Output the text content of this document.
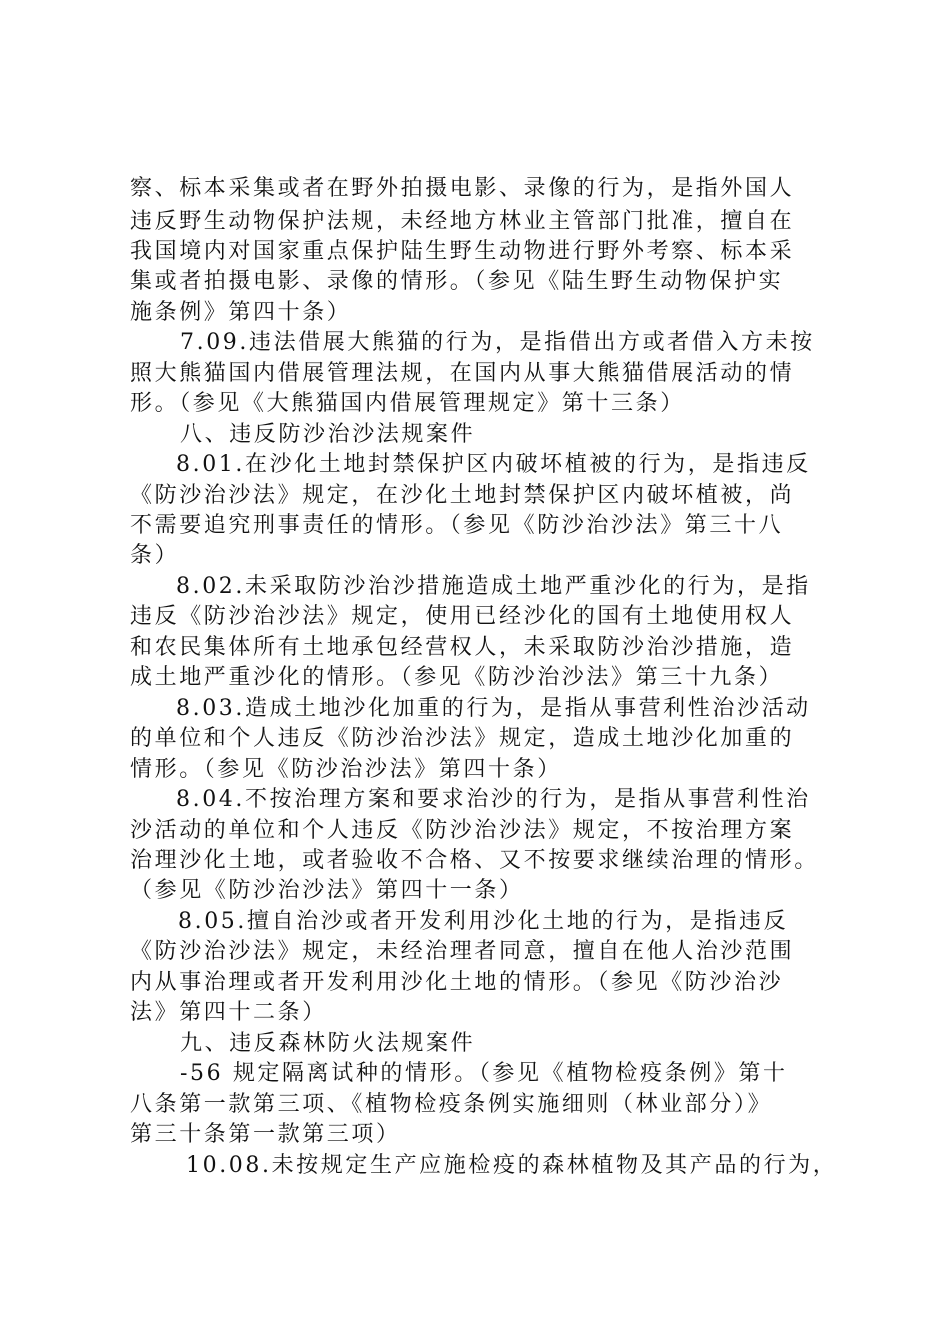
察、标本采集或者在野外拍摄电影、录像的行为，是指外国人
违反野生动物保护法规，未经地方林业主管部门批准，擅自在
我国境内对国家重点保护陆生野生动物进行野外考察、标本采
集或者拍摄电影、录像的情形。（参见《陆生野生动物保护实
施条例》第四十条）
7.09.违法借展大熊猫的行为，是指借出方或者借入方未按
照大熊猫国内借展管理法规，在国内从事大熊猫借展活动的情
形。（参见《大熊猫国内借展管理规定》第十三条）
八、违反防沙治沙法规案件
8.01.在沙化土地封禁保护区内破坏植被的行为，是指违反
《防沙治沙法》规定，在沙化土地封禁保护区内破坏植被，尚
不需要追究刑事责任的情形。（参见《防沙治沙法》第三十八
条）
8.02.未采取防沙治沙措施造成土地严重沙化的行为，是指
违反《防沙治沙法》规定，使用已经沙化的国有土地使用权人
和农民集体所有土地承包经营权人，未采取防沙治沙措施，造
成土地严重沙化的情形。（参见《防沙治沙法》第三十九条）
8.03.造成土地沙化加重的行为，是指从事营利性治沙活动
的单位和个人违反《防沙治沙法》规定，造成土地沙化加重的
情形。（参见《防沙治沙法》第四十条）
8.04.不按治理方案和要求治沙的行为，是指从事营利性治
沙活动的单位和个人违反《防沙治沙法》规定，不按治理方案
治理沙化土地，或者验收不合格、又不按要求继续治理的情形。
（参见《防沙治沙法》第四十一条）
8.05.擅自治沙或者开发利用沙化土地的行为，是指违反
《防沙治沙法》规定，未经治理者同意，擅自在他人治沙范围
内从事治理或者开发利用沙化土地的情形。（参见《防沙治沙
法》第四十二条）
九、违反森林防火法规案件
-56 规定隔离试种的情形。（参见《植物检疫条例》第十
八条第一款第三项、《植物检疫条例实施细则（林业部分）》
第三十条第一款第三项）
10.08.未按规定生产应施检疫的森林植物及其产品的行为，
